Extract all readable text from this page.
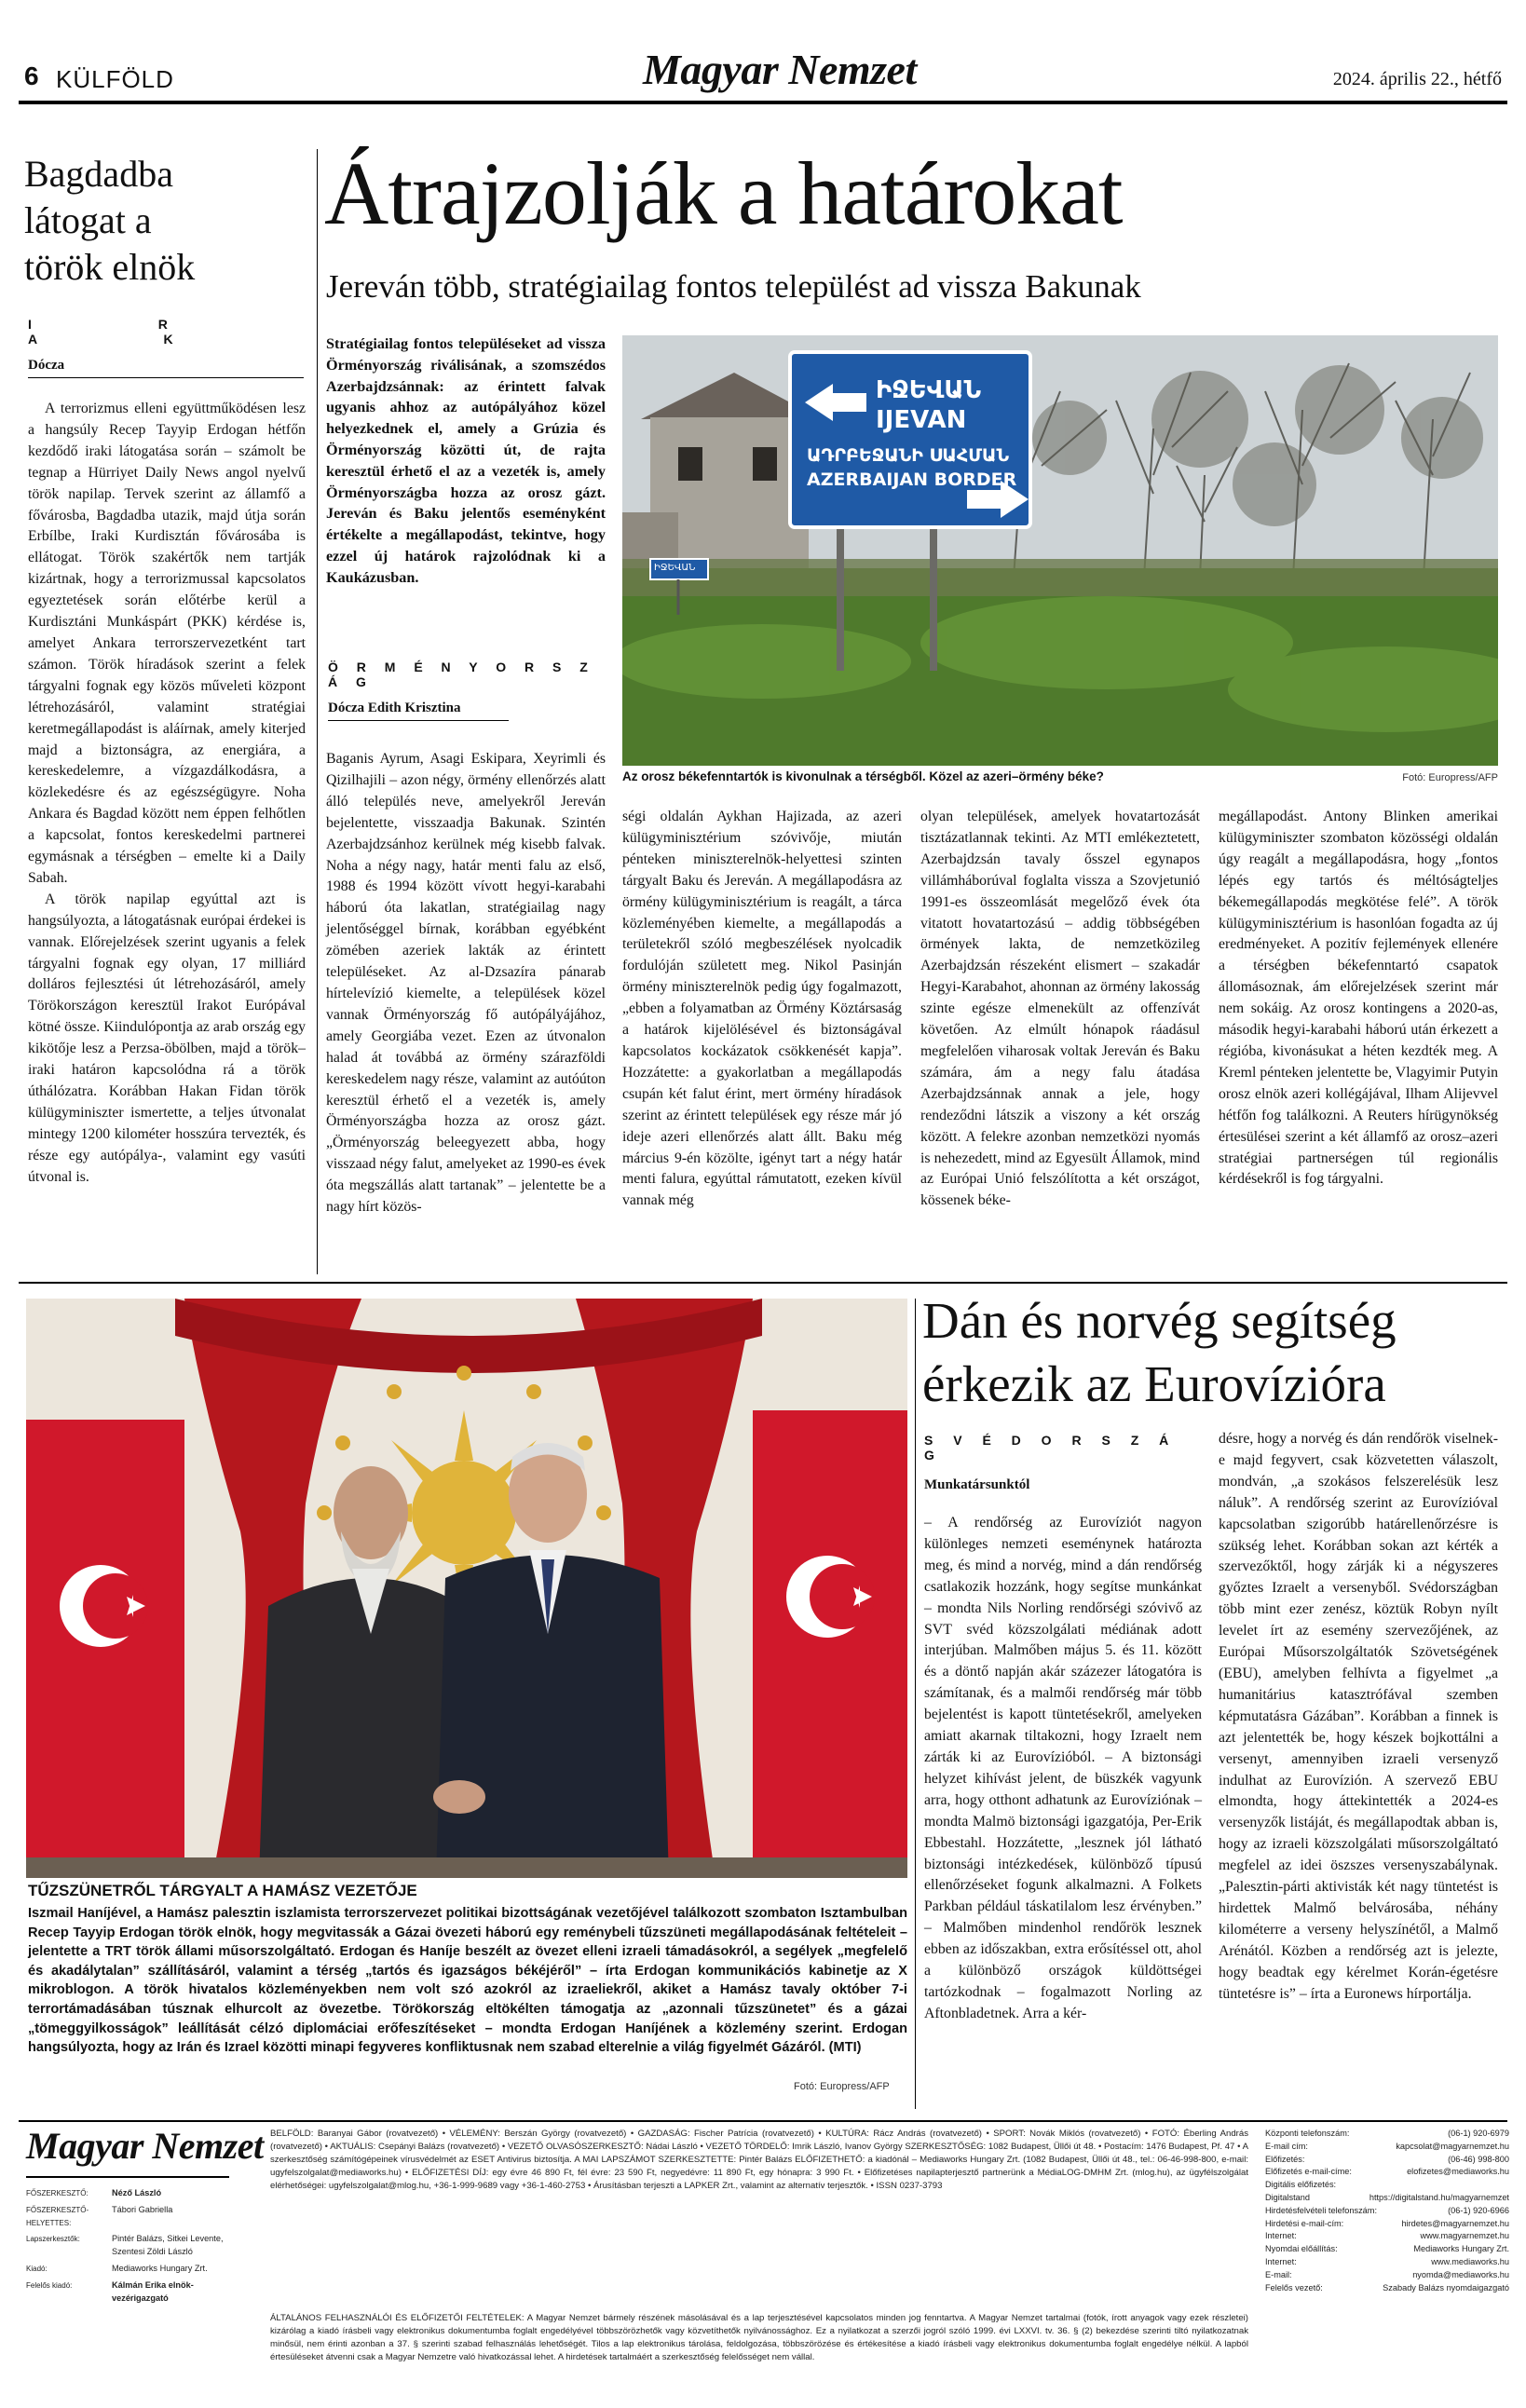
6 KÜLFÖLD	Magyar Nemzet	2024. április 22., hétfő
Bagdadba látogat a török elnök
I R A K
Dócza
A terrorizmus elleni együttműködésen lesz a hangsúly Recep Tayyip Erdogan hétfőn kezdődő iraki látogatása során – számolt be tegnap a Hürriyet Daily News angol nyelvű török napilap. Tervek szerint az államfő a fővárosba, Bagdadba utazik, majd útja során Erbílbe, Iraki Kurdisztán fővárosába is ellátogat. Török szakértők nem tartják kizártnak, hogy a terrorizmussal kapcsolatos egyeztetések során előtérbe kerül a Kurdisztáni Munkáspárt (PKK) kérdése is, amelyet Ankara terrorszervezetként tart számon. Török híradások szerint a felek tárgyalni fognak egy közös műveleti központ létrehozásáról, valamint stratégiai keretmegállapodást is aláírnak, amely kiterjed majd a biztonságra, az energiára, a kereskedelemre, a vízgazdálkodásra, a közlekedésre és az egészségügyre. Noha Ankara és Bagdad között nem éppen felhőtlen a kapcsolat, fontos kereskedelmi partnerei egymásnak a térségben – emelte ki a Daily Sabah.
A török napilap egyúttal azt is hangsúlyozta, a látogatásnak európai érdekei is vannak. Előrejelzések szerint ugyanis a felek tárgyalni fognak egy olyan, 17 milliárd dolláros fejlesztési út létrehozásáról, amely Törökországon keresztül Irakot Európával kötné össze. Kiindulópontja az arab ország egy kikötője lesz a Perzsa-öbölben, majd a török–iraki határon kapcsolódna rá a török úthálózatra. Korábban Hakan Fidan török külügyminiszter ismertette, a teljes útvonalat mintegy 1200 kilométer hosszúra tervezték, és része egy autópálya-, valamint egy vasúti útvonal is.
Átrajzolják a határokat
Jereván több, stratégiailag fontos települést ad vissza Bakunak
Stratégiailag fontos településeket ad vissza Örményország riválisának, a szomszédos Azerbajdzsánnak: az érintett falvak ugyanis ahhoz az autópályához közel helyezkednek el, amely a Grúzia és Örményország közötti út, de rajta keresztül érhető el az a vezeték is, amely Örményországba hozza az orosz gázt. Jereván és Baku jelentős eseményként értékelte a megállapodást, tekintve, hogy ezzel új határok rajzolódnak ki a Kaukázusban.
Ö R M É N Y O R S Z Á G
Dócza Edith Krisztina
ԻՋԵՎԱՆ
IJEVAN
ԱԴՐԲԵՋԱՆԻ ՍԱՀՄԱՆ
AZERBAIJAN BORDER
ԻՋԵՎԱՆ
Az orosz békefenntartók is kivonulnak a térségből. Közel az azeri–örmény béke?	Fotó: Europress/AFP
Baganis Ayrum, Asagi Eskipara, Xeyrimli és Qizilhajili – azon négy, örmény ellenőrzés alatt álló település neve, amelyekről Jereván bejelentette, visszaadja Bakunak. Szintén Azerbajdzsánhoz kerülnek még kisebb falvak. Noha a négy nagy, határ menti falu az első, 1988 és 1994 között vívott hegyi-karabahi háború óta lakatlan, stratégiailag nagy jelentőséggel bírnak, korábban egyébként zömében azeriek lakták az érintett településeket. Az al-Dzsazíra pánarab hírtelevízió kiemelte, a települések közel vannak Örményország fő autópályájához, amely Georgiába vezet. Ezen az útvonalon halad át továbbá az örmény szárazföldi kereskedelem nagy része, valamint az autóúton keresztül érhető el a vezeték is, amely Örményországba hozza az orosz gázt. „Örményország beleegyezett abba, hogy visszaad négy falut, amelyeket az 1990-es évek óta megszállás alatt tartanak” – jelentette be a nagy hírt közös-
ségi oldalán Aykhan Hajizada, az azeri külügyminisztérium szóvivője, miután pénteken miniszterelnök-helyettesi szinten tárgyalt Baku és Jereván. A megállapodásra az örmény külügyminisztérium is reagált, a tárca közleményében kiemelte, a megállapodás a területekről szóló megbeszélések nyolcadik fordulóján született meg. Nikol Pasinján örmény miniszterelnök pedig úgy fogalmazott, „ebben a folyamatban az Örmény Köztársaság a határok kijelölésével és biztonságával kapcsolatos kockázatok csökkenését kapja”. Hozzátette: a gyakorlatban a megállapodás csupán két falut érint, mert örmény híradások szerint az érintett települések egy része már jó ideje azeri ellenőrzés alatt állt. Baku még március 9-én közölte, igényt tart a négy határ menti falura, egyúttal rámutatott, ezeken kívül vannak még
olyan települések, amelyek hovatartozását tisztázatlannak tekinti. Az MTI emlékeztetett, Azerbajdzsán tavaly ősszel egynapos villámháborúval foglalta vissza a Szovjetunió 1991-es összeomlását megelőző évek óta vitatott hovatartozású – addig többségében örmények lakta, de nemzetközileg Azerbajdzsán részeként elismert – szakadár Hegyi-Karabahot, ahonnan az örmény lakosság szinte egésze elmenekült az offenzívát követően. Az elmúlt hónapok ráadásul megfelelően viharosak voltak Jereván és Baku számára, ám a negy falu átadása Azerbajdzsánnak annak a jele, hogy rendeződni látszik a viszony a két ország között. A felekre azonban nemzetközi nyomás is nehezedett, mind az Egyesült Államok, mind az Európai Unió felszólította a két országot, kössenek béke-
megállapodást. Antony Blinken amerikai külügyminiszter szombaton közösségi oldalán úgy reagált a megállapodásra, hogy „fontos lépés egy tartós és méltóságteljes békemegállapodás megkötése felé”. A török külügyminisztérium is hasonlóan fogadta az új eredményeket. A pozitív fejlemények ellenére a térségben békefenntartó csapatok állomásoznak, ám előrejelzések szerint már nem sokáig. Az orosz kontingens a 2020-as, második hegyi-karabahi háború után érkezett a régióba, kivonásukat a héten kezdték meg. A Kreml pénteken jelentette be, Vlagyimir Putyin orosz elnök azeri kollégájával, Ilham Alijevvel hétfőn fog találkozni. A Reuters hírügynökség értesülései szerint a két államfő az orosz–azeri stratégiai partnerségen túl regionális kérdésekről is fog tárgyalni.
TŰZSZÜNETRŐL TÁRGYALT A HAMÁSZ VEZETŐJE
Iszmail Haníjével, a Hamász palesztin iszlamista terrorszervezet politikai bizottságának vezetőjével találkozott szombaton Isztambulban Recep Tayyip Erdogan török elnök, hogy megvitassák a Gázai övezeti háború egy reménybeli tűzszüneti megállapodásának feltételeit – jelentette a TRT török állami műsorszolgáltató. Erdogan és Haníje beszélt az övezet elleni izraeli támadásokról, a segélyek „megfelelő és akadálytalan” szállításáról, valamint a térség „tartós és igazságos békéjéről” – írta Erdogan kommunikációs kabinetje az X mikroblogon. A török hivatalos közleményekben nem volt szó azokról az izraeliekről, akiket a Hamász tavaly október 7-i terrortámadásában túsznak elhurcolt az övezetbe. Törökország eltökélten támogatja az „azonnali tűzszünetet” és a gázai „tömeggyilkosságok” leállítását célzó diplomáciai erőfeszítéseket – mondta Erdogan Haníjének a közlemény szerint. Erdogan hangsúlyozta, hogy az Irán és Izrael közötti minapi fegyveres konfliktusnak nem szabad elterelnie a világ figyelmét Gázáról. (MTI)
Fotó: Europress/AFP
Dán és norvég segítség érkezik az Eurovízióra
S V É D O R S Z Á G
Munkatársunktól
– A rendőrség az Eurovíziót nagyon különleges nemzeti eseménynek határozta meg, és mind a norvég, mind a dán rendőrség csatlakozik hozzánk, hogy segítse munkánkat – mondta Nils Norling rendőrségi szóvivő az SVT svéd közszolgálati médiának adott interjúban. Malmőben május 5. és 11. között és a döntő napján akár százezer látogatóra is számítanak, és a malmői rendőrség már több bejelentést is kapott tüntetésekről, amelyeken amiatt akarnak tiltakozni, hogy Izraelt nem zárták ki az Eurovízióból. – A biztonsági helyzet kihívást jelent, de büszkék vagyunk arra, hogy otthont adhatunk az Eurovíziónak – mondta Malmö biztonsági igazgatója, Per-Erik Ebbestahl. Hozzátette, „lesznek jól látható biztonsági intézkedések, különböző típusú ellenőrzéseket fogunk alkalmazni. A Folkets Parkban például táskatilalom lesz érvényben.” – Malmőben mindenhol rendőrök lesznek ebben az időszakban, extra erősítéssel ott, ahol a különböző országok küldöttségei tartózkodnak – fogalmazott Norling az Aftonbladetnek. Arra a kér-
désre, hogy a norvég és dán rendőrök viselnek-e majd fegyvert, csak közvetetten válaszolt, mondván, „a szokásos felszerelésük lesz náluk”. A rendőrség szerint az Eurovízióval kapcsolatban szigorúbb határellenőrzésre is szükség lehet. Korábban sokan azt kérték a szervezőktől, hogy zárják ki a négyszeres győztes Izraelt a versenyből. Svédországban több mint ezer zenész, köztük Robyn nyílt levelet írt az esemény szervezőjének, az Európai Műsorszolgáltatók Szövetségének (EBU), amelyben felhívta a figyelmet „a humanitárius katasztrófával szemben képmutatásra Gázában”. Korábban a finnek is azt jelentették be, hogy készek bojkottálni a versenyt, amennyiben izraeli versenyző indulhat az Eurovízión. A szervező EBU elmondta, hogy áttekintették a 2024-es versenyzők listáját, és megállapodtak abban is, hogy az izraeli közszolgálati műsorszolgáltató megfelel az idei öszszes versenyszabálynak. „Palesztin-párti aktivisták két nagy tüntetést is hirdettek Malmő belvárosába, néhány kilométerre a verseny helyszínétől, a Malmő Arénától. Közben a rendőrség azt is jelezte, hogy beadtak egy kérelmet Korán-égetésre tüntetésre is” – írta a Euronews hírportálja.
Magyar Nemzet
FŐSZERKESZTŐ:	Néző László
FŐSZERKESZTŐ-HELYETTES:
Tábori Gabriella
Lapszerkesztők:	Pintér Balázs, Sitkei Levente, Szentesi Zöldi László
Kiadó:	Mediaworks Hungary Zrt.
Felelős kiadó:	Kálmán Erika elnök-vezérigazgató
BELFÖLD: Baranyai Gábor (rovatvezető) • VÉLEMÉNY: Berszán György (rovatvezető) • GAZDASÁG: Fischer Patrícia (rovatvezető) • KULTÚRA: Rácz András (rovatvezető) • SPORT: Novák Miklós (rovatvezető) • FOTÓ: Éberling András (rovatvezető) • AKTUÁLIS: Csepányi Balázs (rovatvezető) • VEZETŐ OLVASÓSZERKESZTŐ: Nádai László • VEZETŐ TÖRDELŐ: Imrik László, Ivanov György SZERKESZTŐSÉG: 1082 Budapest, Üllői út 48. • Postacím: 1476 Budapest, Pf. 47 • A szerkesztőség számítógépeinek vírusvédelmét az ESET Antivirus biztosítja. A MAI LAPSZÁMOT SZERKESZTETTE: Pintér Balázs ELŐFIZETHETŐ: a kiadónál – Mediaworks Hungary Zrt. (1082 Budapest, Üllői út 48., tel.: 06-46-998-800, e-mail: ugyfelszolgalat@mediaworks.hu) • ELŐFIZETÉSI DÍJ: egy évre 46 890 Ft, fél évre: 23 590 Ft, negyedévre: 11 890 Ft, egy hónapra: 3 990 Ft. • Előfizetéses napilapterjesztő partnerünk a MédiaLOG-DMHM Zrt. (mlog.hu), az ügyfélszolgálat elérhetőségei: ugyfelszolgalat@mlog.hu, +36-1-999-9689 vagy +36-1-460-2753 • Árusításban terjeszti a LAPKER Zrt., valamint az alternatív terjesztők. • ISSN 0237-3793
ÁLTALÁNOS FELHASZNÁLÓI ÉS ELŐFIZETŐI FELTÉTELEK: A Magyar Nemzet bármely részének másolásával és a lap terjesztésével kapcsolatos minden jog fenntartva. A Magyar Nemzet tartalmai (fotók, írott anyagok vagy ezek részletei) kizárólag a kiadó írásbeli vagy elektronikus dokumentumba foglalt engedélyével többszörözhetők vagy közvetíthetők nyilvánossághoz. Ez a nyilatkozat a szerzői jogról szóló 1999. évi LXXVI. tv. 36. § (2) bekezdése szerinti tiltó nyilatkozatnak minősül, nem érinti azonban a 37. § szerinti szabad felhasználás lehetőségét. Tilos a lap elektronikus tárolása, feldolgozása, többszörözése és értékesítése a kiadó írásbeli vagy elektronikus dokumentumba foglalt engedélye nélkül. A lapból értesüléseket átvenni csak a Magyar Nemzetre való hivatkozással lehet. A hirdetések tartalmáért a szerkesztőség felelősséget nem vállal.
Központi telefonszám:	(06-1) 920-6979
E-mail cím:	kapcsolat@magyarnemzet.hu
Előfizetés:	(06-46) 998-800
Előfizetés e-mail-címe:	elofizetes@mediaworks.hu
Digitális előfizetés:
Digitalstand	https://digitalstand.hu/magyarnemzet
Hirdetésfelvételi telefonszám:	(06-1) 920-6966
Hirdetési e-mail-cím:	hirdetes@magyarnemzet.hu
Internet:	www.magyarnemzet.hu
Nyomdai előállítás:	Mediaworks Hungary Zrt.
Internet:	www.mediaworks.hu
E-mail:	nyomda@mediaworks.hu
Felelős vezető:	Szabady Balázs nyomdaigazgató
